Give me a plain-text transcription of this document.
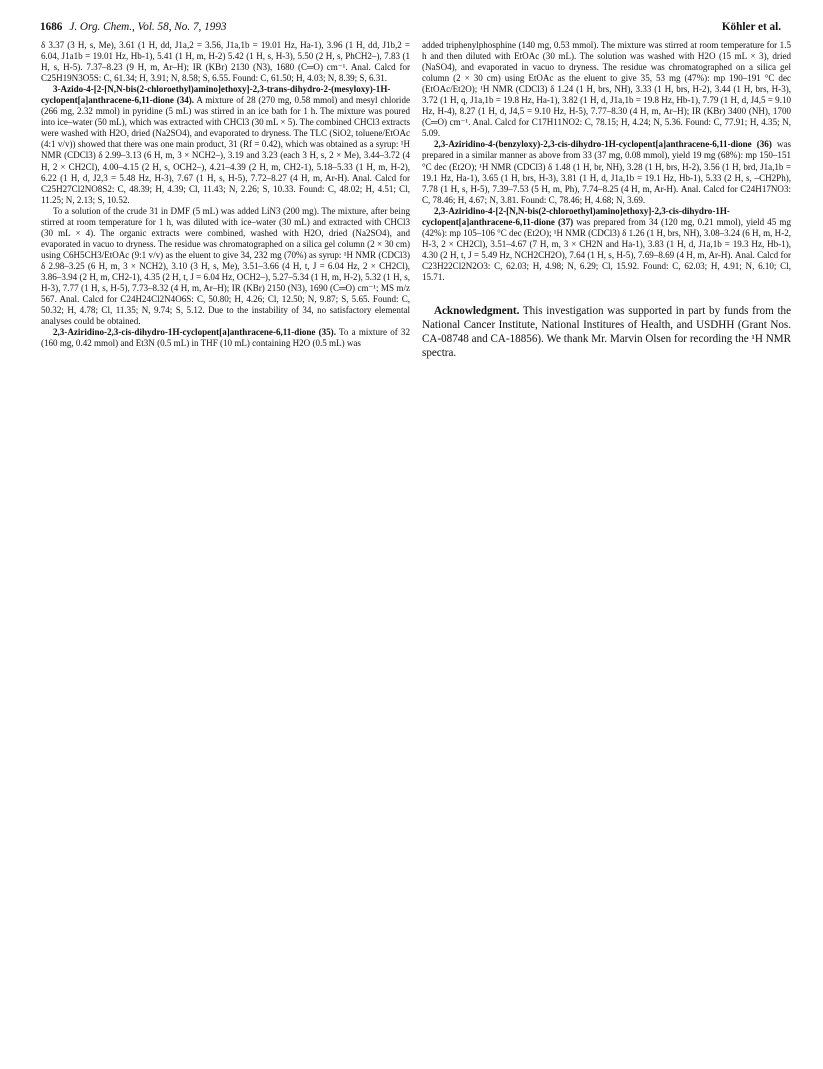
1686 J. Org. Chem., Vol. 58, No. 7, 1993	Köhler et al.

δ 3.37 (3 H, s, Me), 3.61 (1 H, dd, J1a,2 = 3.56, J1a,1b = 19.01 Hz, Ha-1), 3.96 (1 H, dd, J1b,2 = 6.04, J1a1b = 19.01 Hz, Hb-1), 5.41 (1 H, m, H-2) 5.42 (1 H, s, H-3), 5.50 (2 H, s, PhCH2–), 7.83 (1 H, s, H-5). 7.37–8.23 (9 H, m, Ar–H); IR (KBr) 2130 (N3), 1680 (C═O) cm⁻¹. Anal. Calcd for C25H19N3O5S: C, 61.34; H, 3.91; N, 8.58; S, 6.55. Found: C, 61.50; H, 4.03; N, 8.39; S, 6.31.

3-Azido-4-[2-[N,N-bis(2-chloroethyl)amino]ethoxy]-2,3-trans-dihydro-2-(mesyloxy)-1H-cyclopent[a]anthracene-6,11-dione (34). A mixture of 28 (270 mg, 0.58 mmol) and mesyl chloride (266 mg, 2.32 mmol) in pyridine (5 mL) was stirred in an ice bath for 1 h. The mixture was poured into ice–water (50 mL), which was extracted with CHCl3 (30 mL × 5). The combined CHCl3 extracts were washed with H2O, dried (Na2SO4), and evaporated to dryness. The TLC (SiO2, toluene/EtOAc (4:1 v/v)) showed that there was one main product, 31 (Rf = 0.42), which was obtained as a syrup: ¹H NMR (CDCl3) δ 2.99–3.13 (6 H, m, 3 × NCH2–), 3.19 and 3.23 (each 3 H, s, 2 × Me), 3.44–3.72 (4 H, 2 × CH2Cl), 4.00–4.15 (2 H, s, OCH2–), 4.21–4.39 (2 H, m, CH2-1), 5.18–5.33 (1 H, m, H-2), 6.22 (1 H, d, J2,3 = 5.48 Hz, H-3), 7.67 (1 H, s, H-5), 7.72–8.27 (4 H, m, Ar-H). Anal. Calcd for C25H27Cl2NO8S2: C, 48.39; H, 4.39; Cl, 11.43; N, 2.26; S, 10.33. Found: C, 48.02; H, 4.51; Cl, 11.25; N, 2.13; S, 10.52.

To a solution of the crude 31 in DMF (5 mL) was added LiN3 (200 mg). The mixture, after being stirred at room temperature for 1 h, was diluted with ice–water (30 mL) and extracted with CHCl3 (30 mL × 4). The organic extracts were combined, washed with H2O, dried (Na2SO4), and evaporated in vacuo to dryness. The residue was chromatographed on a silica gel column (2 × 30 cm) using C6H5CH3/EtOAc (9:1 v/v) as the eluent to give 34, 232 mg (70%) as syrup: ¹H NMR (CDCl3) δ 2.98–3.25 (6 H, m, 3 × NCH2), 3.10 (3 H, s, Me), 3.51–3.66 (4 H, t, J = 6.04 Hz, 2 × CH2Cl), 3.86–3.94 (2 H, m, CH2-1), 4.35 (2 H, t, J = 6.04 Hz, OCH2–), 5.27–5.34 (1 H, m, H-2), 5.32 (1 H, s, H-3), 7.77 (1 H, s, H-5), 7.73–8.32 (4 H, m, Ar–H); IR (KBr) 2150 (N3), 1690 (C═O) cm⁻¹; MS m/z 567. Anal. Calcd for C24H24Cl2N4O6S: C, 50.80; H, 4.26; Cl, 12.50; N, 9.87; S, 5.65. Found: C, 50.32; H, 4.78; Cl, 11.35; N, 9.74; S, 5.12. Due to the instability of 34, no satisfactory elemental analyses could be obtained.

2,3-Aziridino-2,3-cis-dihydro-1H-cyclopent[a]anthracene-6,11-dione (35). To a mixture of 32 (160 mg, 0.42 mmol) and Et3N (0.5 mL) in THF (10 mL) containing H2O (0.5 mL) was

added triphenylphosphine (140 mg, 0.53 mmol). The mixture was stirred at room temperature for 1.5 h and then diluted with EtOAc (30 mL). The solution was washed with H2O (15 mL × 3), dried (NaSO4), and evaporated in vacuo to dryness. The residue was chromatographed on a silica gel column (2 × 30 cm) using EtOAc as the eluent to give 35, 53 mg (47%): mp 190–191 °C dec (EtOAc/Et2O); ¹H NMR (CDCl3) δ 1.24 (1 H, brs, NH), 3.33 (1 H, brs, H-2), 3.44 (1 H, brs, H-3), 3.72 (1 H, q, J1a,1b = 19.8 Hz, Ha-1), 3.82 (1 H, d, J1a,1b = 19.8 Hz, Hb-1), 7.79 (1 H, d, J4,5 = 9.10 Hz, H-4), 8.27 (1 H, d, J4,5 = 9.10 Hz, H-5), 7.77–8.30 (4 H, m, Ar–H); IR (KBr) 3400 (NH), 1700 (C═O) cm⁻¹. Anal. Calcd for C17H11NO2: C, 78.15; H, 4.24; N, 5.36. Found: C, 77.91; H, 4.35; N, 5.09.

2,3-Aziridino-4-(benzyloxy)-2,3-cis-dihydro-1H-cyclopent[a]anthracene-6,11-dione (36) was prepared in a similar manner as above from 33 (37 mg, 0.08 mmol), yield 19 mg (68%): mp 150–151 °C dec (Et2O); ¹H NMR (CDCl3) δ 1.48 (1 H, br, NH), 3.28 (1 H, brs, H-2), 3.56 (1 H, brd, J1a,1b = 19.1 Hz, Ha-1), 3.65 (1 H, brs, H-3), 3.81 (1 H, d, J1a,1b = 19.1 Hz, Hb-1), 5.33 (2 H, s, –CH2Ph), 7.78 (1 H, s, H-5), 7.39–7.53 (5 H, m, Ph), 7.74–8.25 (4 H, m, Ar-H). Anal. Calcd for C24H17NO3: C, 78.46; H, 4.67; N, 3.81. Found: C, 78.46; H, 4.68; N, 3.69.

2,3-Aziridino-4-[2-[N,N-bis(2-chloroethyl)amino]ethoxy]-2,3-cis-dihydro-1H-cyclopent[a]anthracene-6,11-dione (37) was prepared from 34 (120 mg, 0.21 mmol), yield 45 mg (42%): mp 105–106 °C dec (Et2O); ¹H NMR (CDCl3) δ 1.26 (1 H, brs, NH), 3.08–3.24 (6 H, m, H-2, H-3, 2 × CH2Cl), 3.51–4.67 (7 H, m, 3 × CH2N and Ha-1), 3.83 (1 H, d, J1a,1b = 19.3 Hz, Hb-1), 4.30 (2 H, t, J = 5.49 Hz, NCH2CH2O), 7.64 (1 H, s, H-5), 7.69–8.69 (4 H, m, Ar-H). Anal. Calcd for C23H22Cl2N2O3: C, 62.03; H, 4.98; N, 6.29; Cl, 15.92. Found: C, 62.03; H, 4.91; N, 6.10; Cl, 15.71.

Acknowledgment. This investigation was supported in part by funds from the National Cancer Institute, National Institures of Health, and USDHH (Grant Nos. CA-08748 and CA-18856). We thank Mr. Marvin Olsen for recording the ¹H NMR spectra.
